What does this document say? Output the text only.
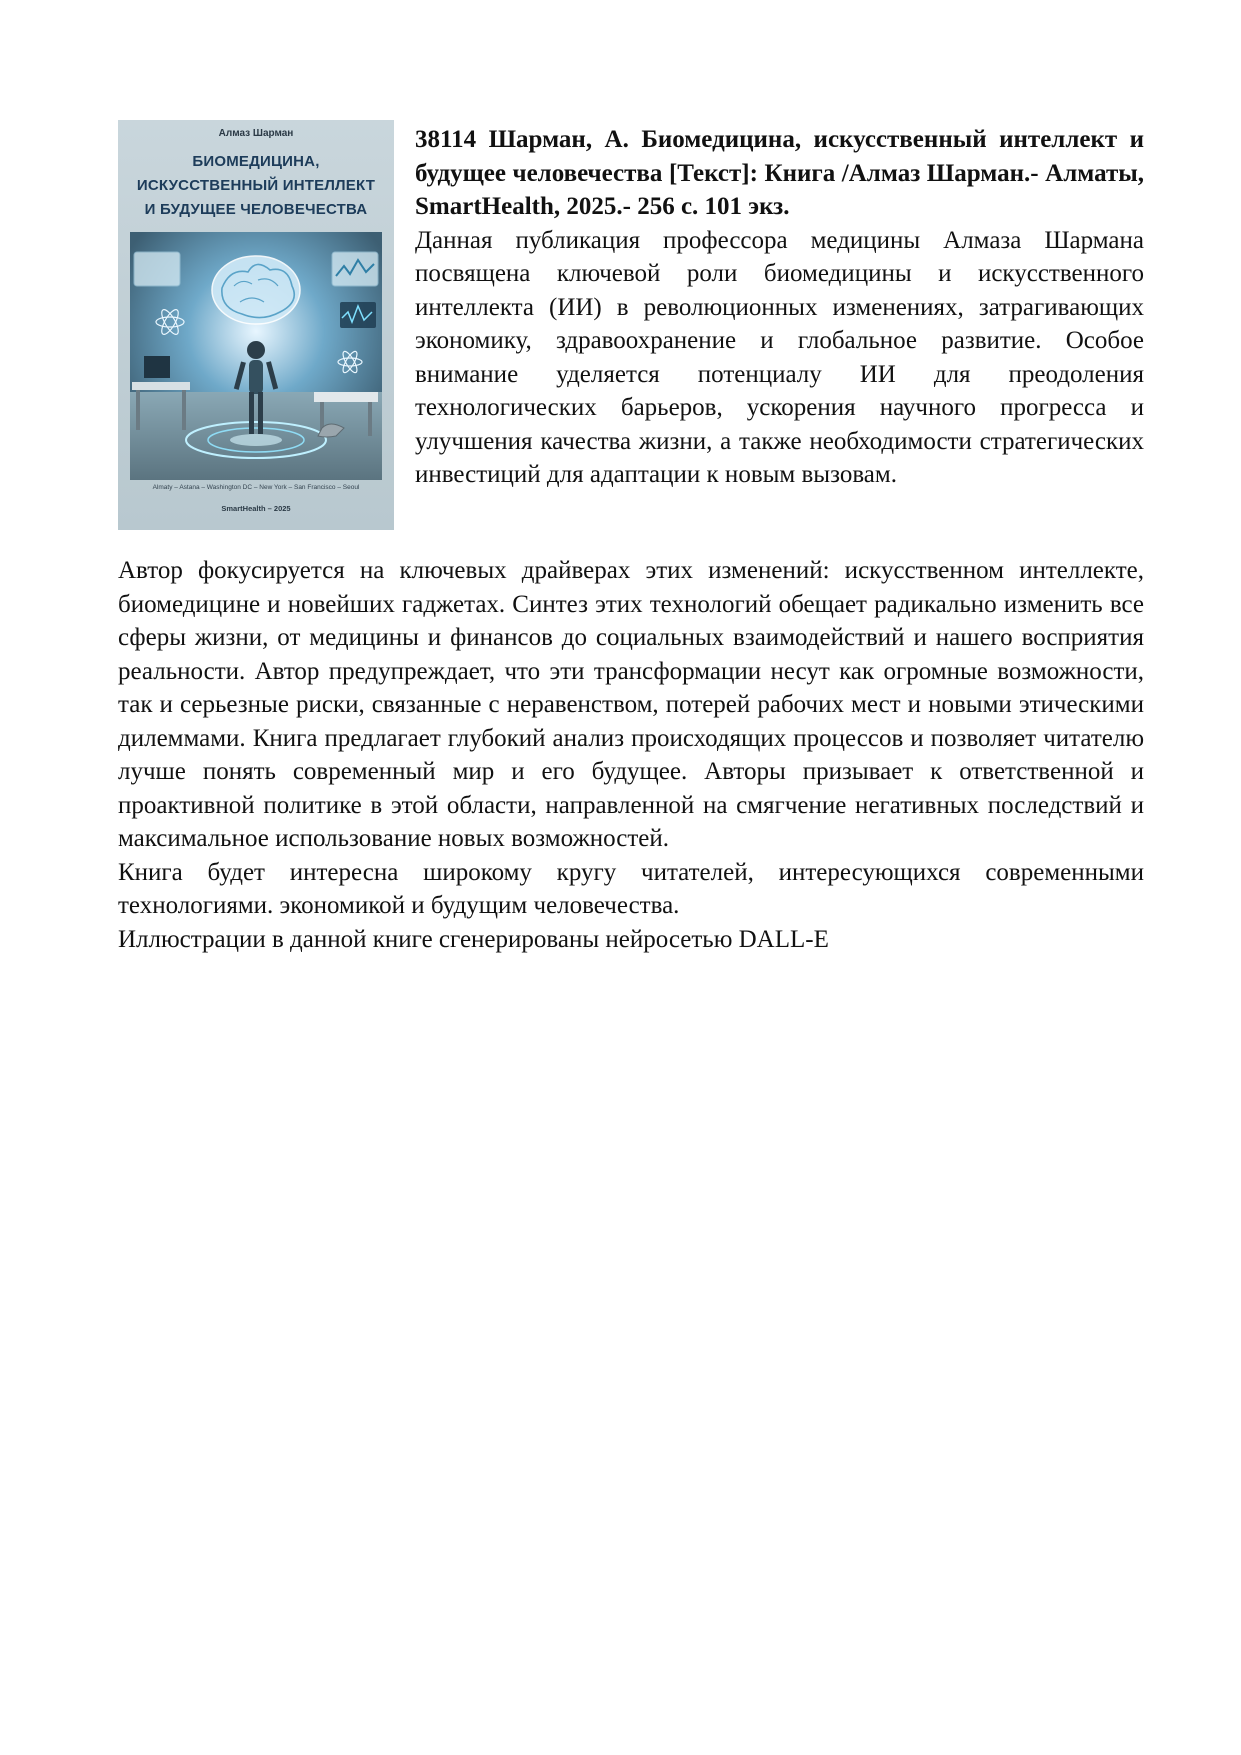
Алмаз Шарман
БИОМЕДИЦИНА,
ИСКУССТВЕННЫЙ ИНТЕЛЛЕКТ
И БУДУЩЕЕ ЧЕЛОВЕЧЕСТВА
Almaty – Astana – Washington DC – New York – San Francisco – Seoul
SmartHealth – 2025

38114 Шарман, А. Биомедицина, искусственный интеллект и будущее человечества [Текст]: Книга /Алмаз Шарман.- Алматы, SmartHealth, 2025.- 256 с. 101 экз.

Данная публикация профессора медицины Алмаза Шармана посвящена ключевой роли биомедицины и искусственного интеллекта (ИИ) в революционных изменениях, затрагивающих экономику, здравоохранение и глобальное развитие. Особое внимание уделяется потенциалу ИИ для преодоления технологических барьеров, ускорения научного прогресса и улучшения качества жизни, а также необходимости стратегических инвестиций для адаптации к новым вызовам.

Автор фокусируется на ключевых драйверах этих изменений: искусственном интеллекте, биомедицине и новейших гаджетах. Синтез этих технологий обещает радикально изменить все сферы жизни, от медицины и финансов до социальных взаимодействий и нашего восприятия реальности. Автор предупреждает, что эти трансформации несут как огромные возможности, так и серьезные риски, связанные с неравенством, потерей рабочих мест и новыми этическими дилеммами. Книга предлагает глубокий анализ происходящих процессов и позволяет читателю лучше понять современный мир и его будущее. Авторы призывает к ответственной и проактивной политике в этой области, направленной на смягчение негативных последствий и максимальное использование новых возможностей.

Книга будет интересна широкому кругу читателей, интересующихся современными технологиями. экономикой и будущим человечества.

Иллюстрации в данной книге сгенерированы нейросетью DALL-E
